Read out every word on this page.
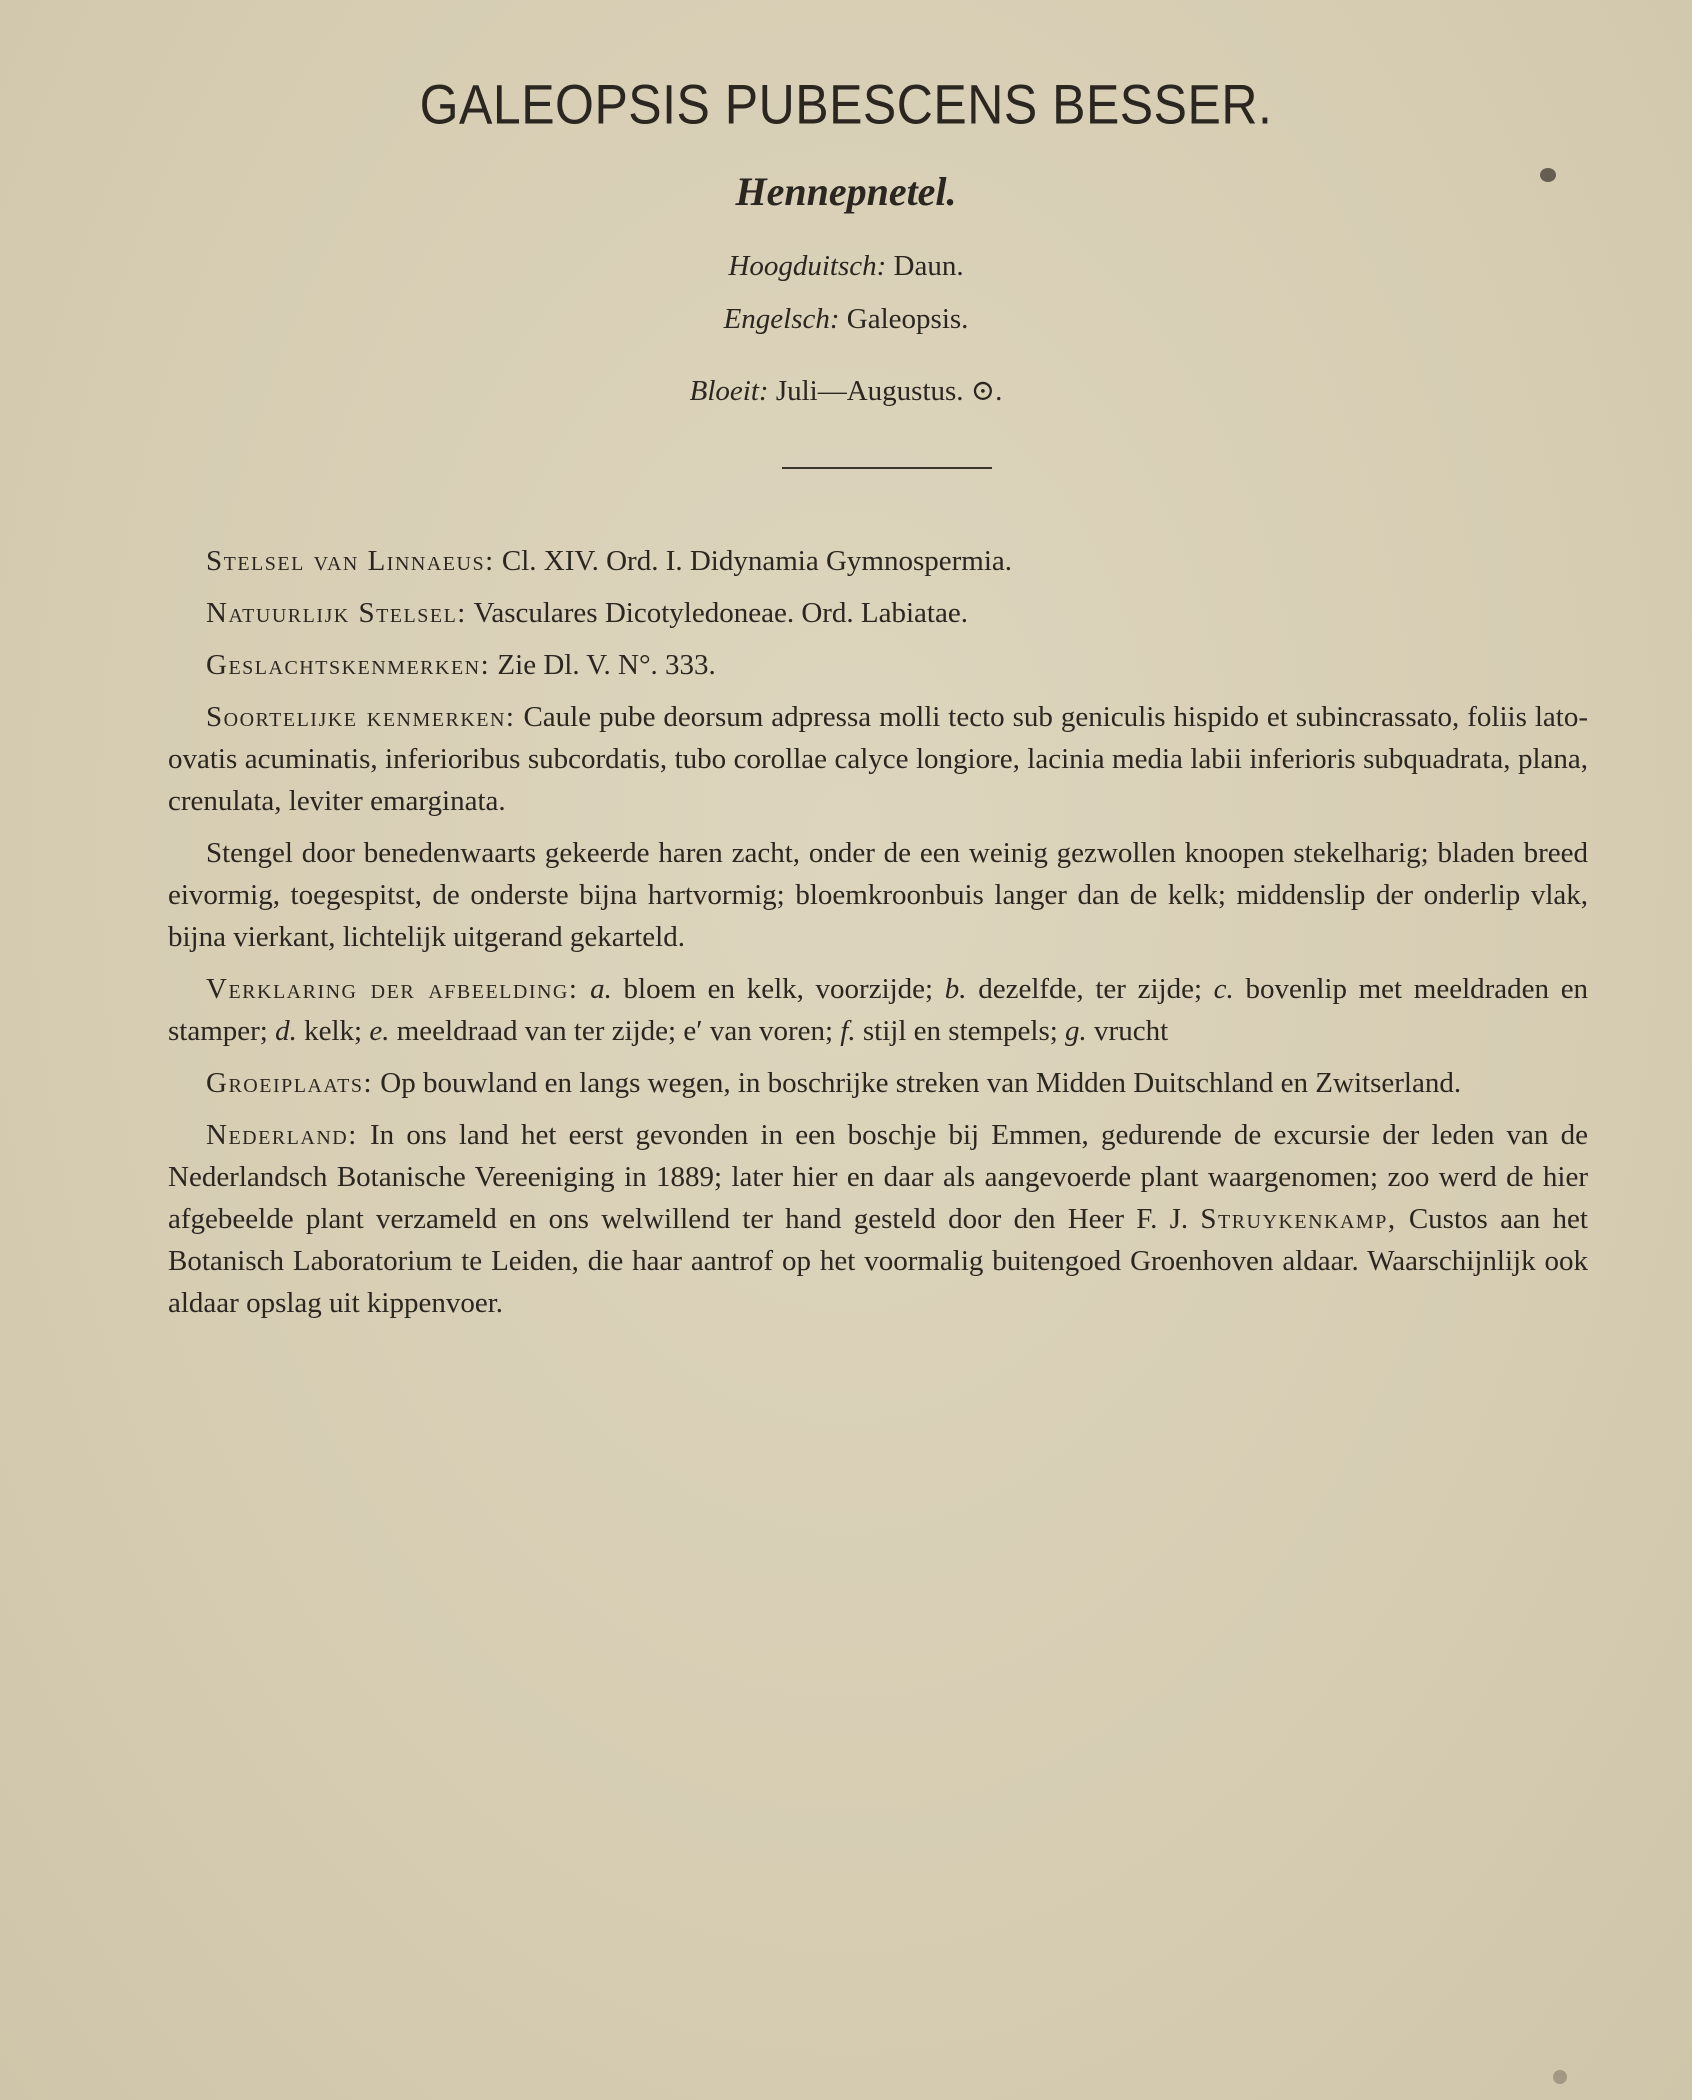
GALEOPSIS PUBESCENS BESSER.
Hennepnetel.
Hoogduitsch: Daun.
Engelsch: Galeopsis.
Bloeit: Juli—Augustus. ⊙.

Stelsel van Linnaeus: Cl. XIV. Ord. I. Didynamia Gymnospermia.

Natuurlijk Stelsel: Vasculares Dicotyledoneae. Ord. Labiatae.

Geslachtskenmerken: Zie Dl. V. N°. 333.

Soortelijke kenmerken: Caule pube deorsum adpressa molli tecto sub geniculis hispido et subincrassato, foliis lato-ovatis acuminatis, inferioribus subcordatis, tubo corollae calyce longiore, lacinia media labii inferioris subquadrata, plana, crenulata, leviter emarginata.

Stengel door benedenwaarts gekeerde haren zacht, onder de een weinig gezwollen knoopen stekelharig; bladen breed eivormig, toegespitst, de onderste bijna hartvormig; bloemkroonbuis langer dan de kelk; middenslip der onderlip vlak, bijna vierkant, lichtelijk uitgerand gekarteld.

Verklaring der afbeelding: a. bloem en kelk, voorzijde; b. dezelfde, ter zijde; c. bovenlip met meeldraden en stamper; d. kelk; e. meeldraad van ter zijde; e′ van voren; f. stijl en stempels; g. vrucht

Groeiplaats: Op bouwland en langs wegen, in boschrijke streken van Midden Duitschland en Zwitserland.

Nederland: In ons land het eerst gevonden in een boschje bij Emmen, gedurende de excursie der leden van de Nederlandsch Botanische Vereeniging in 1889; later hier en daar als aangevoerde plant waargenomen; zoo werd de hier afgebeelde plant verzameld en ons welwillend ter hand gesteld door den Heer F. J. Struykenkamp, Custos aan het Botanisch Laboratorium te Leiden, die haar aantrof op het voormalig buitengoed Groenhoven aldaar. Waarschijnlijk ook aldaar opslag uit kippenvoer.
